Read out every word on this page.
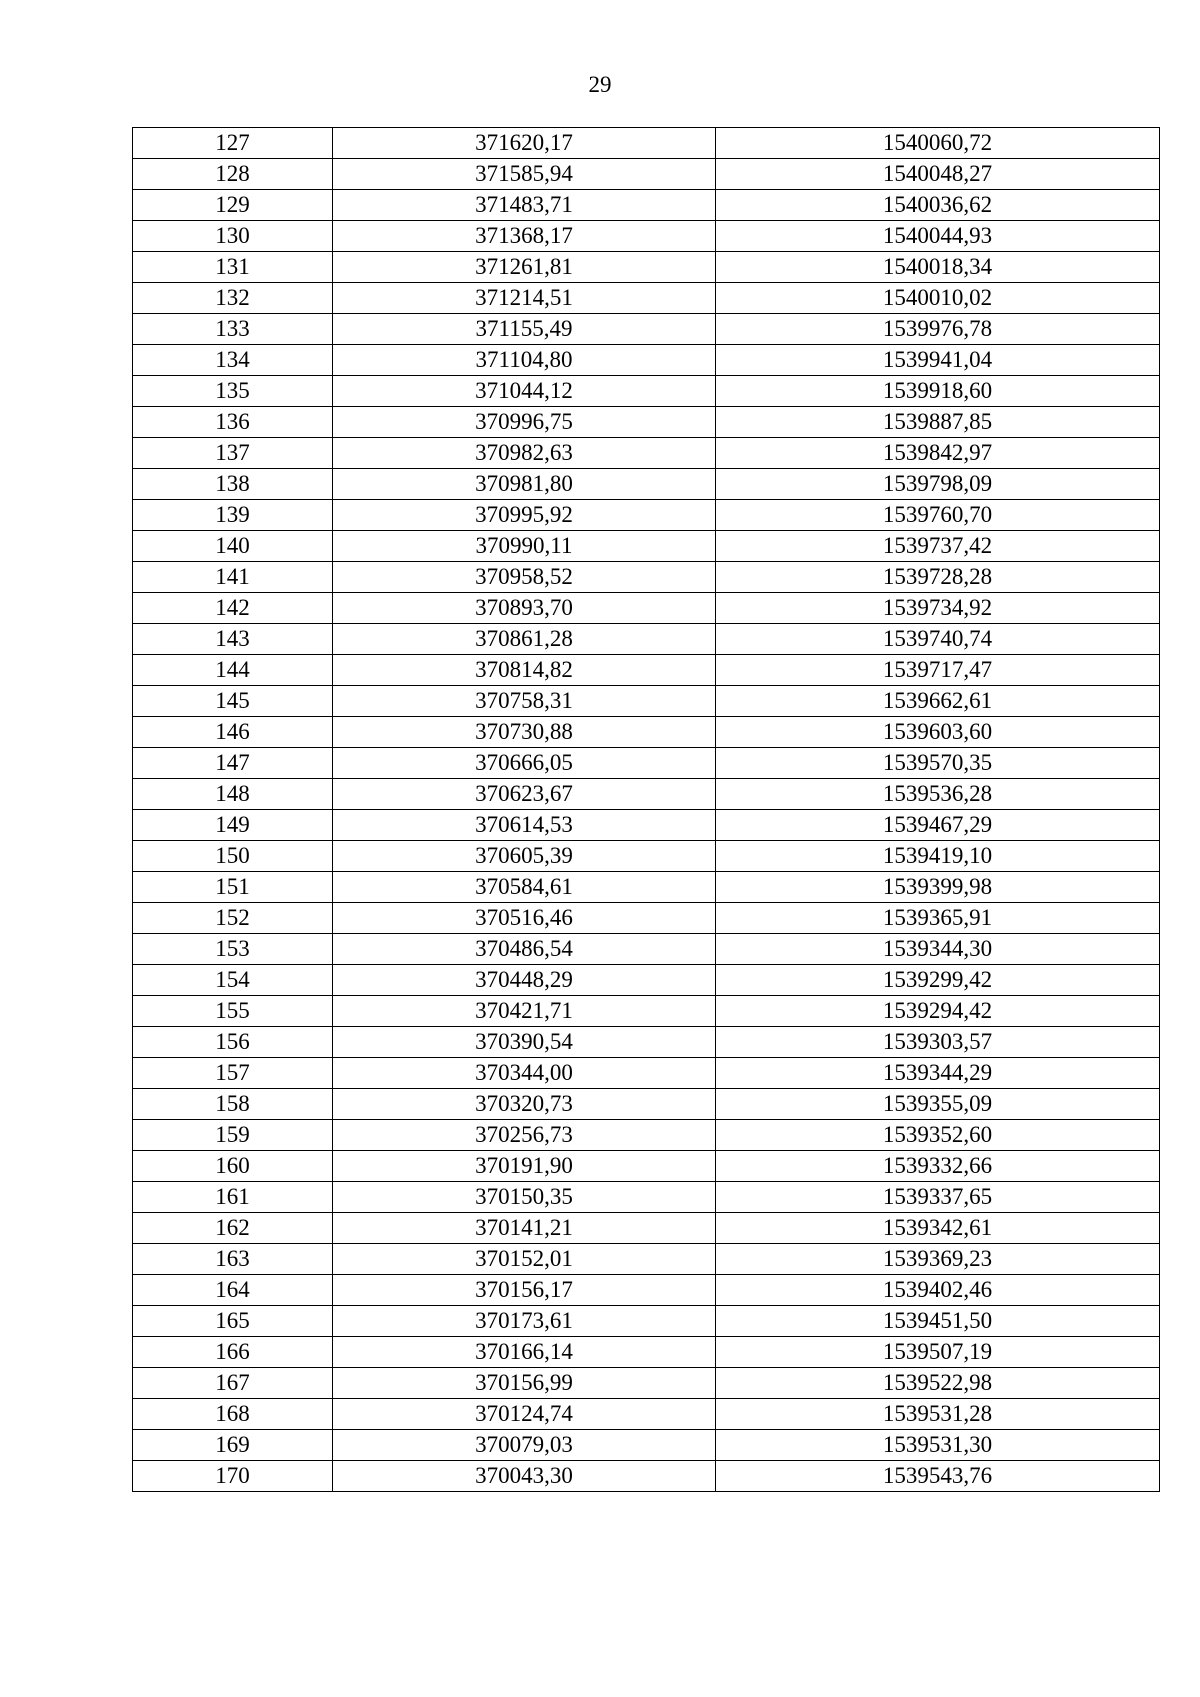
29
127	371620,17	1540060,72
128	371585,94	1540048,27
129	371483,71	1540036,62
130	371368,17	1540044,93
131	371261,81	1540018,34
132	371214,51	1540010,02
133	371155,49	1539976,78
134	371104,80	1539941,04
135	371044,12	1539918,60
136	370996,75	1539887,85
137	370982,63	1539842,97
138	370981,80	1539798,09
139	370995,92	1539760,70
140	370990,11	1539737,42
141	370958,52	1539728,28
142	370893,70	1539734,92
143	370861,28	1539740,74
144	370814,82	1539717,47
145	370758,31	1539662,61
146	370730,88	1539603,60
147	370666,05	1539570,35
148	370623,67	1539536,28
149	370614,53	1539467,29
150	370605,39	1539419,10
151	370584,61	1539399,98
152	370516,46	1539365,91
153	370486,54	1539344,30
154	370448,29	1539299,42
155	370421,71	1539294,42
156	370390,54	1539303,57
157	370344,00	1539344,29
158	370320,73	1539355,09
159	370256,73	1539352,60
160	370191,90	1539332,66
161	370150,35	1539337,65
162	370141,21	1539342,61
163	370152,01	1539369,23
164	370156,17	1539402,46
165	370173,61	1539451,50
166	370166,14	1539507,19
167	370156,99	1539522,98
168	370124,74	1539531,28
169	370079,03	1539531,30
170	370043,30	1539543,76
